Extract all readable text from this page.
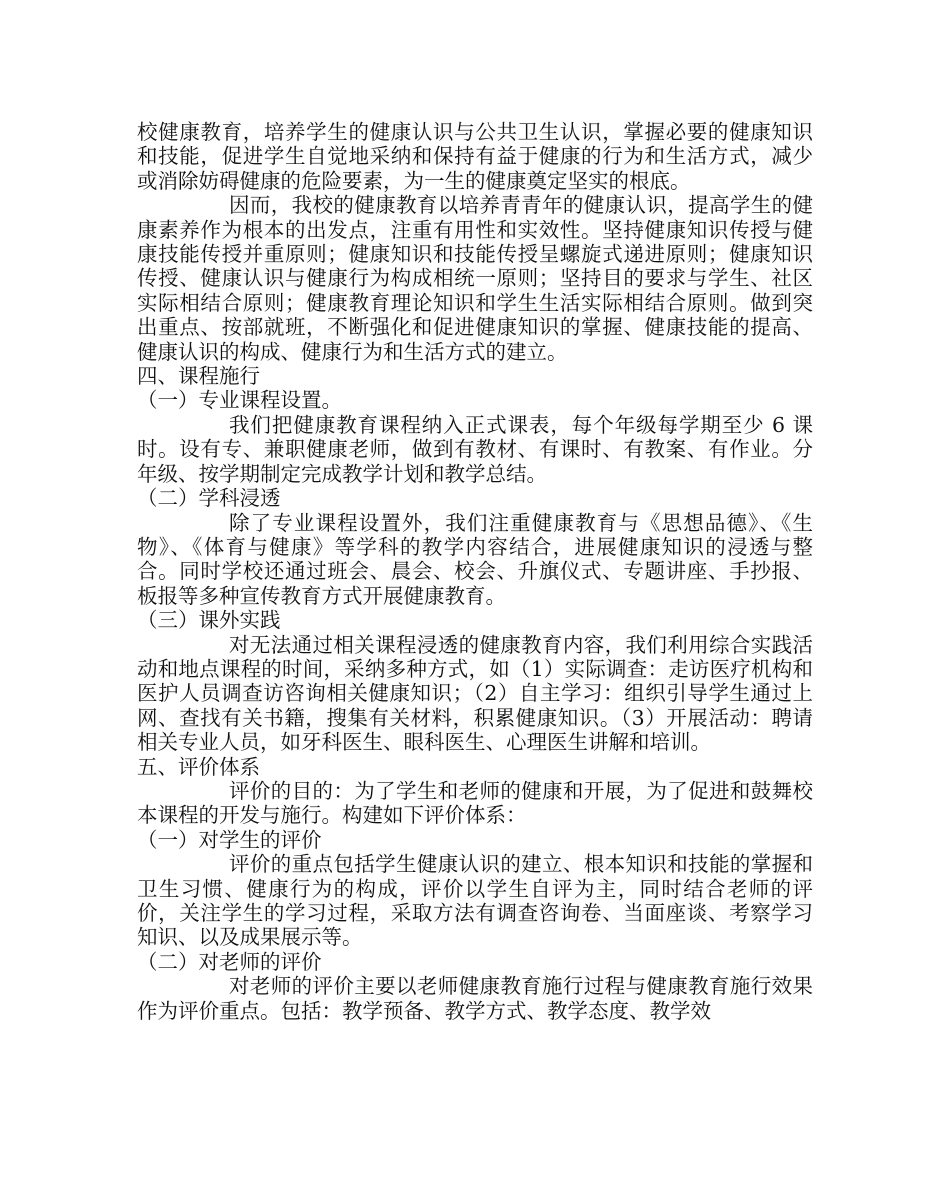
校健康教育，培养学生的健康认识与公共卫生认识，掌握必要的健康知识和技能，促进学生自觉地采纳和保持有益于健康的行为和生活方式，减少或消除妨碍健康的危险要素，为一生的健康奠定坚实的根底。

因而，我校的健康教育以培养青青年的健康认识，提高学生的健康素养作为根本的出发点，注重有用性和实效性。坚持健康知识传授与健康技能传授并重原则；健康知识和技能传授呈螺旋式递进原则；健康知识传授、健康认识与健康行为构成相统一原则；坚持目的要求与学生、社区实际相结合原则；健康教育理论知识和学生生活实际相结合原则。做到突出重点、按部就班，不断强化和促进健康知识的掌握、健康技能的提高、健康认识的构成、健康行为和生活方式的建立。

四、课程施行

（一）专业课程设置。

我们把健康教育课程纳入正式课表，每个年级每学期至少 6 课时。设有专、兼职健康老师，做到有教材、有课时、有教案、有作业。分年级、按学期制定完成教学计划和教学总结。

（二）学科浸透

除了专业课程设置外，我们注重健康教育与《思想品德》、《生物》、《体育与健康》等学科的教学内容结合，进展健康知识的浸透与整合。同时学校还通过班会、晨会、校会、升旗仪式、专题讲座、手抄报、板报等多种宣传教育方式开展健康教育。

（三）课外实践

对无法通过相关课程浸透的健康教育内容，我们利用综合实践活动和地点课程的时间，采纳多种方式，如（1）实际调查：走访医疗机构和医护人员调查访咨询相关健康知识；（2）自主学习：组织引导学生通过上网、查找有关书籍，搜集有关材料，积累健康知识。（3）开展活动：聘请相关专业人员，如牙科医生、眼科医生、心理医生讲解和培训。

五、评价体系

评价的目的：为了学生和老师的健康和开展，为了促进和鼓舞校本课程的开发与施行。构建如下评价体系：

（一）对学生的评价

评价的重点包括学生健康认识的建立、根本知识和技能的掌握和卫生习惯、健康行为的构成，评价以学生自评为主，同时结合老师的评价，关注学生的学习过程，采取方法有调查咨询卷、当面座谈、考察学习知识、以及成果展示等。

（二）对老师的评价

对老师的评价主要以老师健康教育施行过程与健康教育施行效果作为评价重点。包括：教学预备、教学方式、教学态度、教学效
